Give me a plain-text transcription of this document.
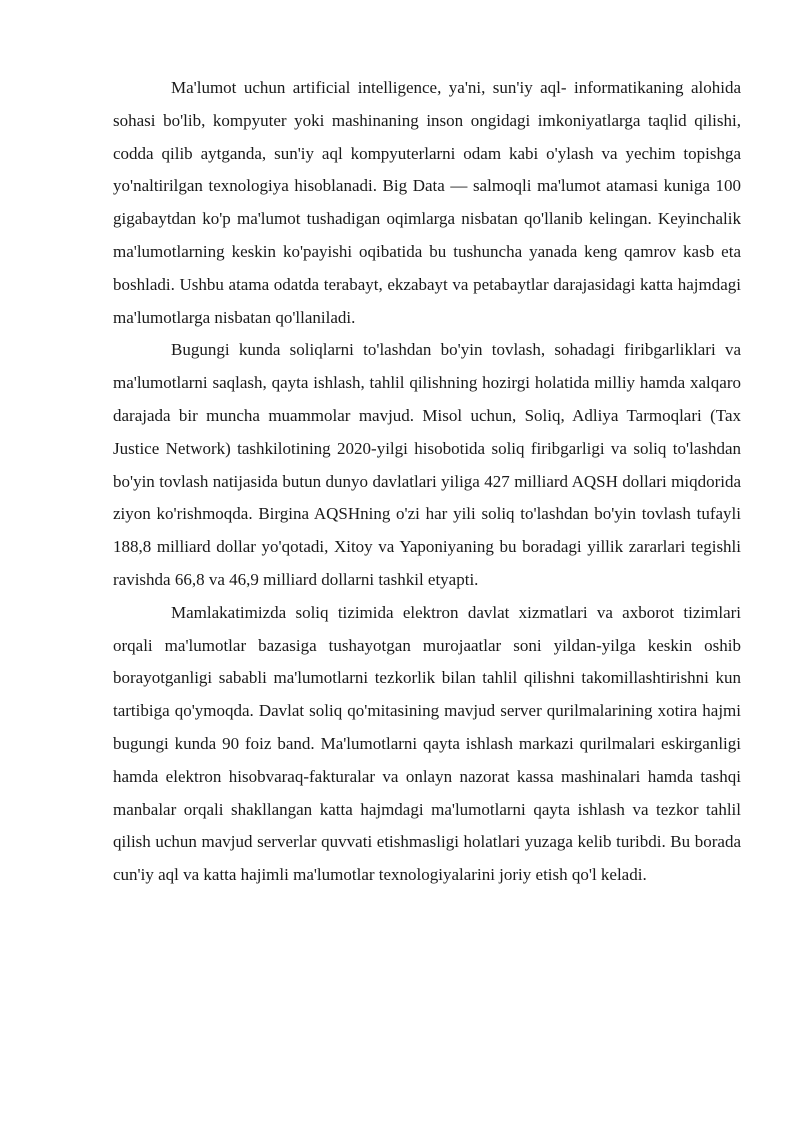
Ma'lumot uchun artificial intelligence, ya'ni, sun'iy aql- informatikaning alohida sohasi bo'lib, kompyuter yoki mashinaning inson ongidagi imkoniyatlarga taqlid qilishi, codda qilib aytganda, sun'iy aql kompyuterlarni odam kabi o'ylash va yechim topishga yo'naltirilgan texnologiya hisoblanadi. Big Data — salmoqli ma'lumot atamasi kuniga 100 gigabaytdan ko'p ma'lumot tushadigan oqimlarga nisbatan qo'llanib kelingan. Keyinchalik ma'lumotlarning keskin ko'payishi oqibatida bu tushuncha yanada keng qamrov kasb eta boshladi. Ushbu atama odatda terabayt, ekzabayt va petabaytlar darajasidagi katta hajmdagi ma'lumotlarga nisbatan qo'llaniladi.

Bugungi kunda soliqlarni to'lashdan bo'yin tovlash, sohadagi firibgarliklari va ma'lumotlarni saqlash, qayta ishlash, tahlil qilishning hozirgi holatida milliy hamda xalqaro darajada bir muncha muammolar mavjud. Misol uchun, Soliq, Adliya Tarmoqlari (Tax Justice Network) tashkilotining 2020-yilgi hisobotida soliq firibgarligi va soliq to'lashdan bo'yin tovlash natijasida butun dunyo davlatlari yiliga 427 milliard AQSH dollari miqdorida ziyon ko'rishmoqda. Birgina AQSHning o'zi har yili soliq to'lashdan bo'yin tovlash tufayli 188,8 milliard dollar yo'qotadi, Xitoy va Yaponiyaning bu boradagi yillik zararlari tegishli ravishda 66,8 va 46,9 milliard dollarni tashkil etyapti.

Mamlakatimizda soliq tizimida elektron davlat xizmatlari va axborot tizimlari orqali ma'lumotlar bazasiga tushayotgan murojaatlar soni yildan-yilga keskin oshib borayotganligi sababli ma'lumotlarni tezkorlik bilan tahlil qilishni takomillashtirishni kun tartibiga qo'ymoqda. Davlat soliq qo'mitasining mavjud server qurilmalarining xotira hajmi bugungi kunda 90 foiz band. Ma'lumotlarni qayta ishlash markazi qurilmalari eskirganligi hamda elektron hisobvaraq-fakturalar va onlayn nazorat kassa mashinalari hamda tashqi manbalar orqali shakllangan katta hajmdagi ma'lumotlarni qayta ishlash va tezkor tahlil qilish uchun mavjud serverlar quvvati etishmasligi holatlari yuzaga kelib turibdi. Bu borada cun'iy aql va katta hajimli ma'lumotlar texnologiyalarini joriy etish qo'l keladi.
